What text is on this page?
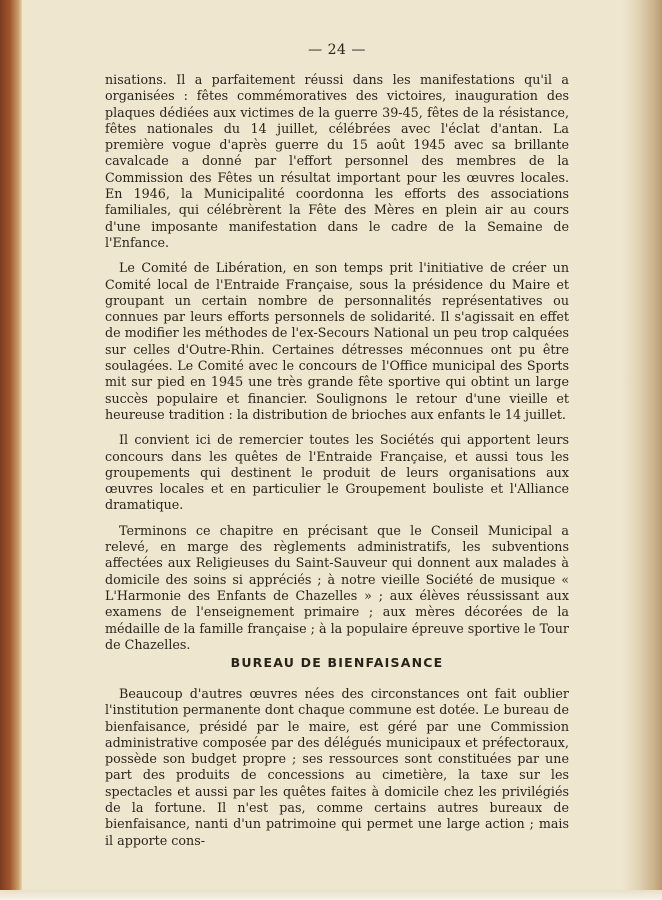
— 24 —

nisations. Il a parfaitement réussi dans les manifestations qu'il a organisées : fêtes commémoratives des victoires, inauguration des plaques dédiées aux victimes de la guerre 39-45, fêtes de la résistance, fêtes nationales du 14 juillet, célébrées avec l'éclat d'antan. La première vogue d'après guerre du 15 août 1945 avec sa brillante cavalcade a donné par l'effort personnel des membres de la Commission des Fêtes un résultat important pour les œuvres locales. En 1946, la Municipalité coordonna les efforts des associations familiales, qui célébrèrent la Fête des Mères en plein air au cours d'une imposante manifestation dans le cadre de la Semaine de l'Enfance.

Le Comité de Libération, en son temps prit l'initiative de créer un Comité local de l'Entraide Française, sous la présidence du Maire et groupant un certain nombre de personnalités représentatives ou connues par leurs efforts personnels de solidarité. Il s'agissait en effet de modifier les méthodes de l'ex-Secours National un peu trop calquées sur celles d'Outre-Rhin. Certaines détresses méconnues ont pu être soulagées. Le Comité avec le concours de l'Office municipal des Sports mit sur pied en 1945 une très grande fête sportive qui obtint un large succès populaire et financier. Soulignons le retour d'une vieille et heureuse tradition : la distribution de brioches aux enfants le 14 juillet.

Il convient ici de remercier toutes les Sociétés qui apportent leurs concours dans les quêtes de l'Entraide Française, et aussi tous les groupements qui destinent le produit de leurs organisations aux œuvres locales et en particulier le Groupement bouliste et l'Alliance dramatique.

Terminons ce chapitre en précisant que le Conseil Municipal a relevé, en marge des règlements administratifs, les subventions affectées aux Religieuses du Saint-Sauveur qui donnent aux malades à domicile des soins si appréciés ; à notre vieille Société de musique « L'Harmonie des Enfants de Chazelles » ; aux élèves réussissant aux examens de l'enseignement primaire ; aux mères décorées de la médaille de la famille française ; à la populaire épreuve sportive le Tour de Chazelles.

BUREAU DE BIENFAISANCE

Beaucoup d'autres œuvres nées des circonstances ont fait oublier l'institution permanente dont chaque commune est dotée. Le bureau de bienfaisance, présidé par le maire, est géré par une Commission administrative composée par des délégués municipaux et préfectoraux, possède son budget propre ; ses ressources sont constituées par une part des produits de concessions au cimetière, la taxe sur les spectacles et aussi par les quêtes faites à domicile chez les privilégiés de la fortune. Il n'est pas, comme certains autres bureaux de bienfaisance, nanti d'un patrimoine qui permet une large action ; mais il apporte cons-
